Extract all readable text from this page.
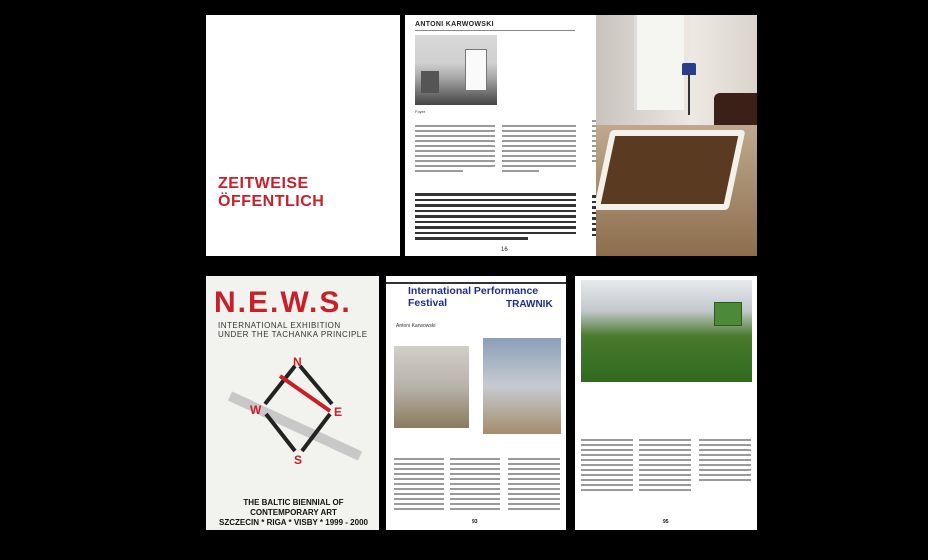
ZEITWEISE ÖFFENTLICH
ANTONI KARWOWSKI
Foyer
16
N.E.W.S.
INTERNATIONAL EXHIBITION UNDER THE TACHANKA PRINCIPLE
N
E
W
S
THE BALTIC BIENNIAL OF CONTEMPORARY ART
SZCZECIN * RIGA * VISBY * 1999 - 2000
International Performance Festival	TRAWNIK
Antoni Karwowski
93	95
